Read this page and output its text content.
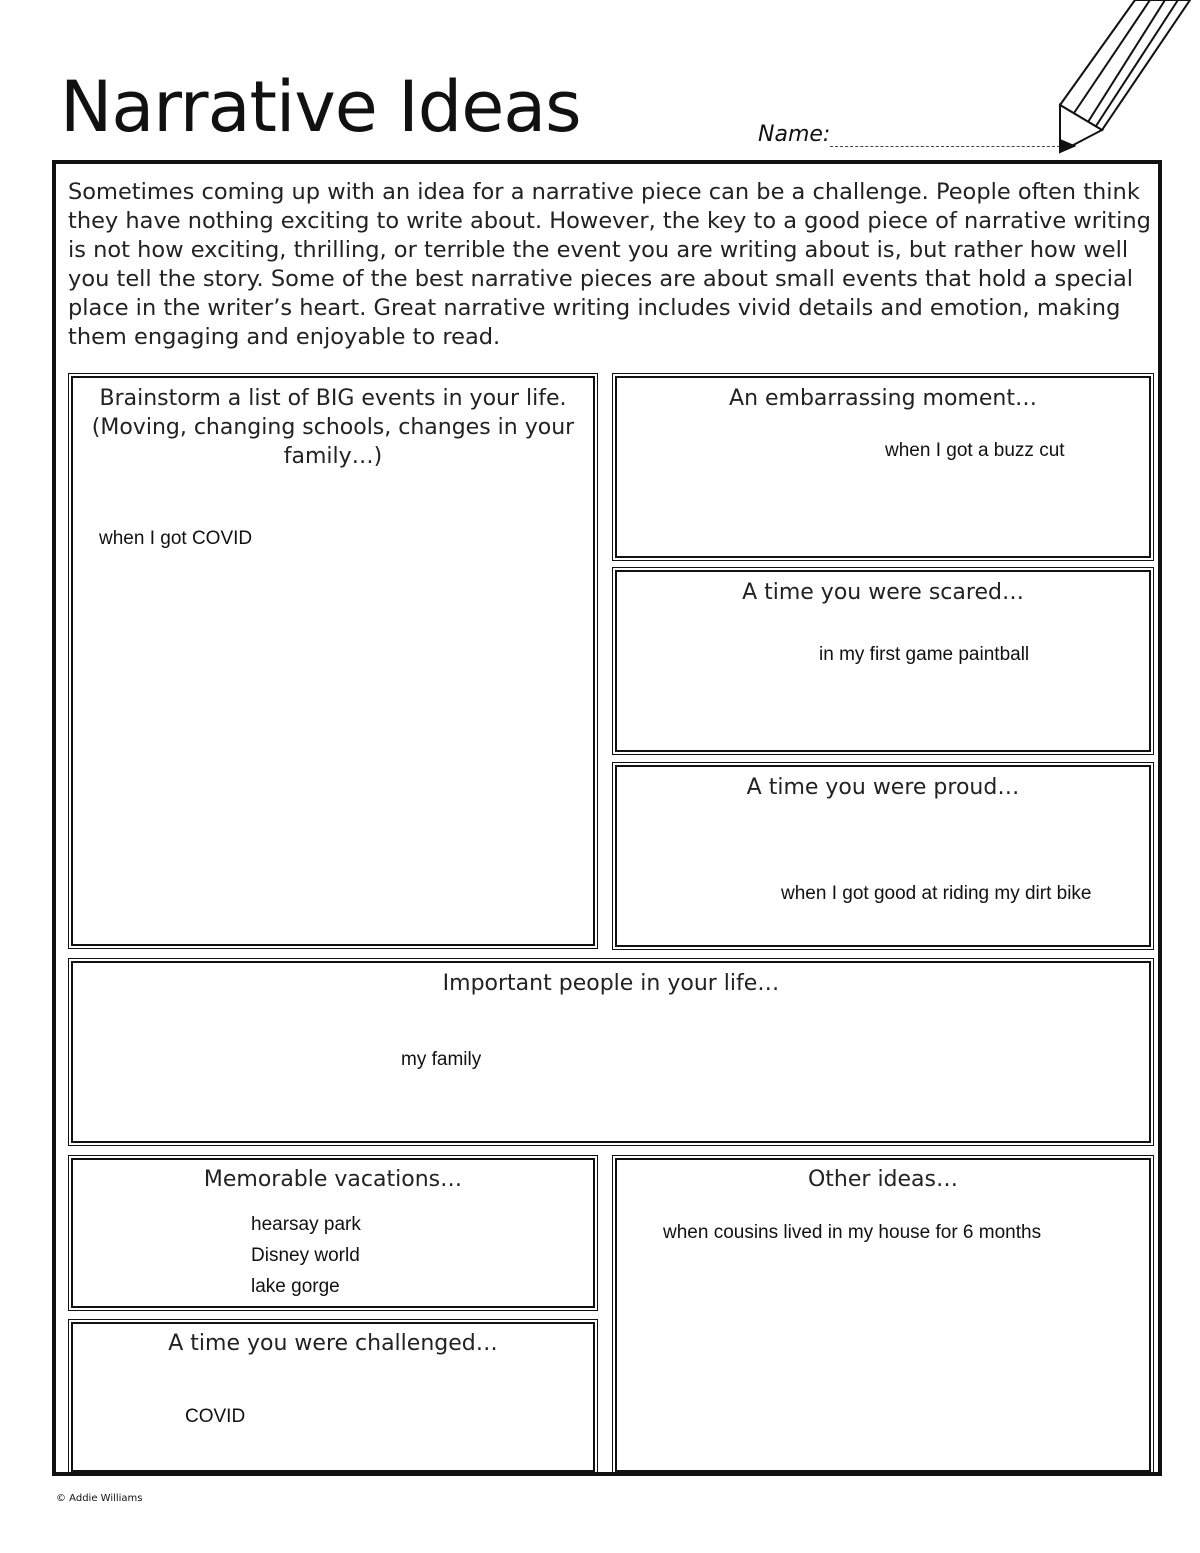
Narrative Ideas	Name:

Sometimes coming up with an idea for a narrative piece can be a challenge. People often think they have nothing exciting to write about. However, the key to a good piece of narrative writing is not how exciting, thrilling, or terrible the event you are writing about is, but rather how well you tell the story. Some of the best narrative pieces are about small events that hold a special place in the writer’s heart. Great narrative writing includes vivid details and emotion, making them engaging and enjoyable to read.

Brainstorm a list of BIG events in your life. (Moving, changing schools, changes in your family…)
when I got COVID
An embarrassing moment…
when I got a buzz cut
A time you were scared…
in my first game paintball
A time you were proud…
when I got good at riding my dirt bike
Important people in your life…
my family
Memorable vacations…
hearsay park
Disney world
lake gorge
A time you were challenged…
COVID
Other ideas…
when cousins lived in my house for 6 months
© Addie Williams
